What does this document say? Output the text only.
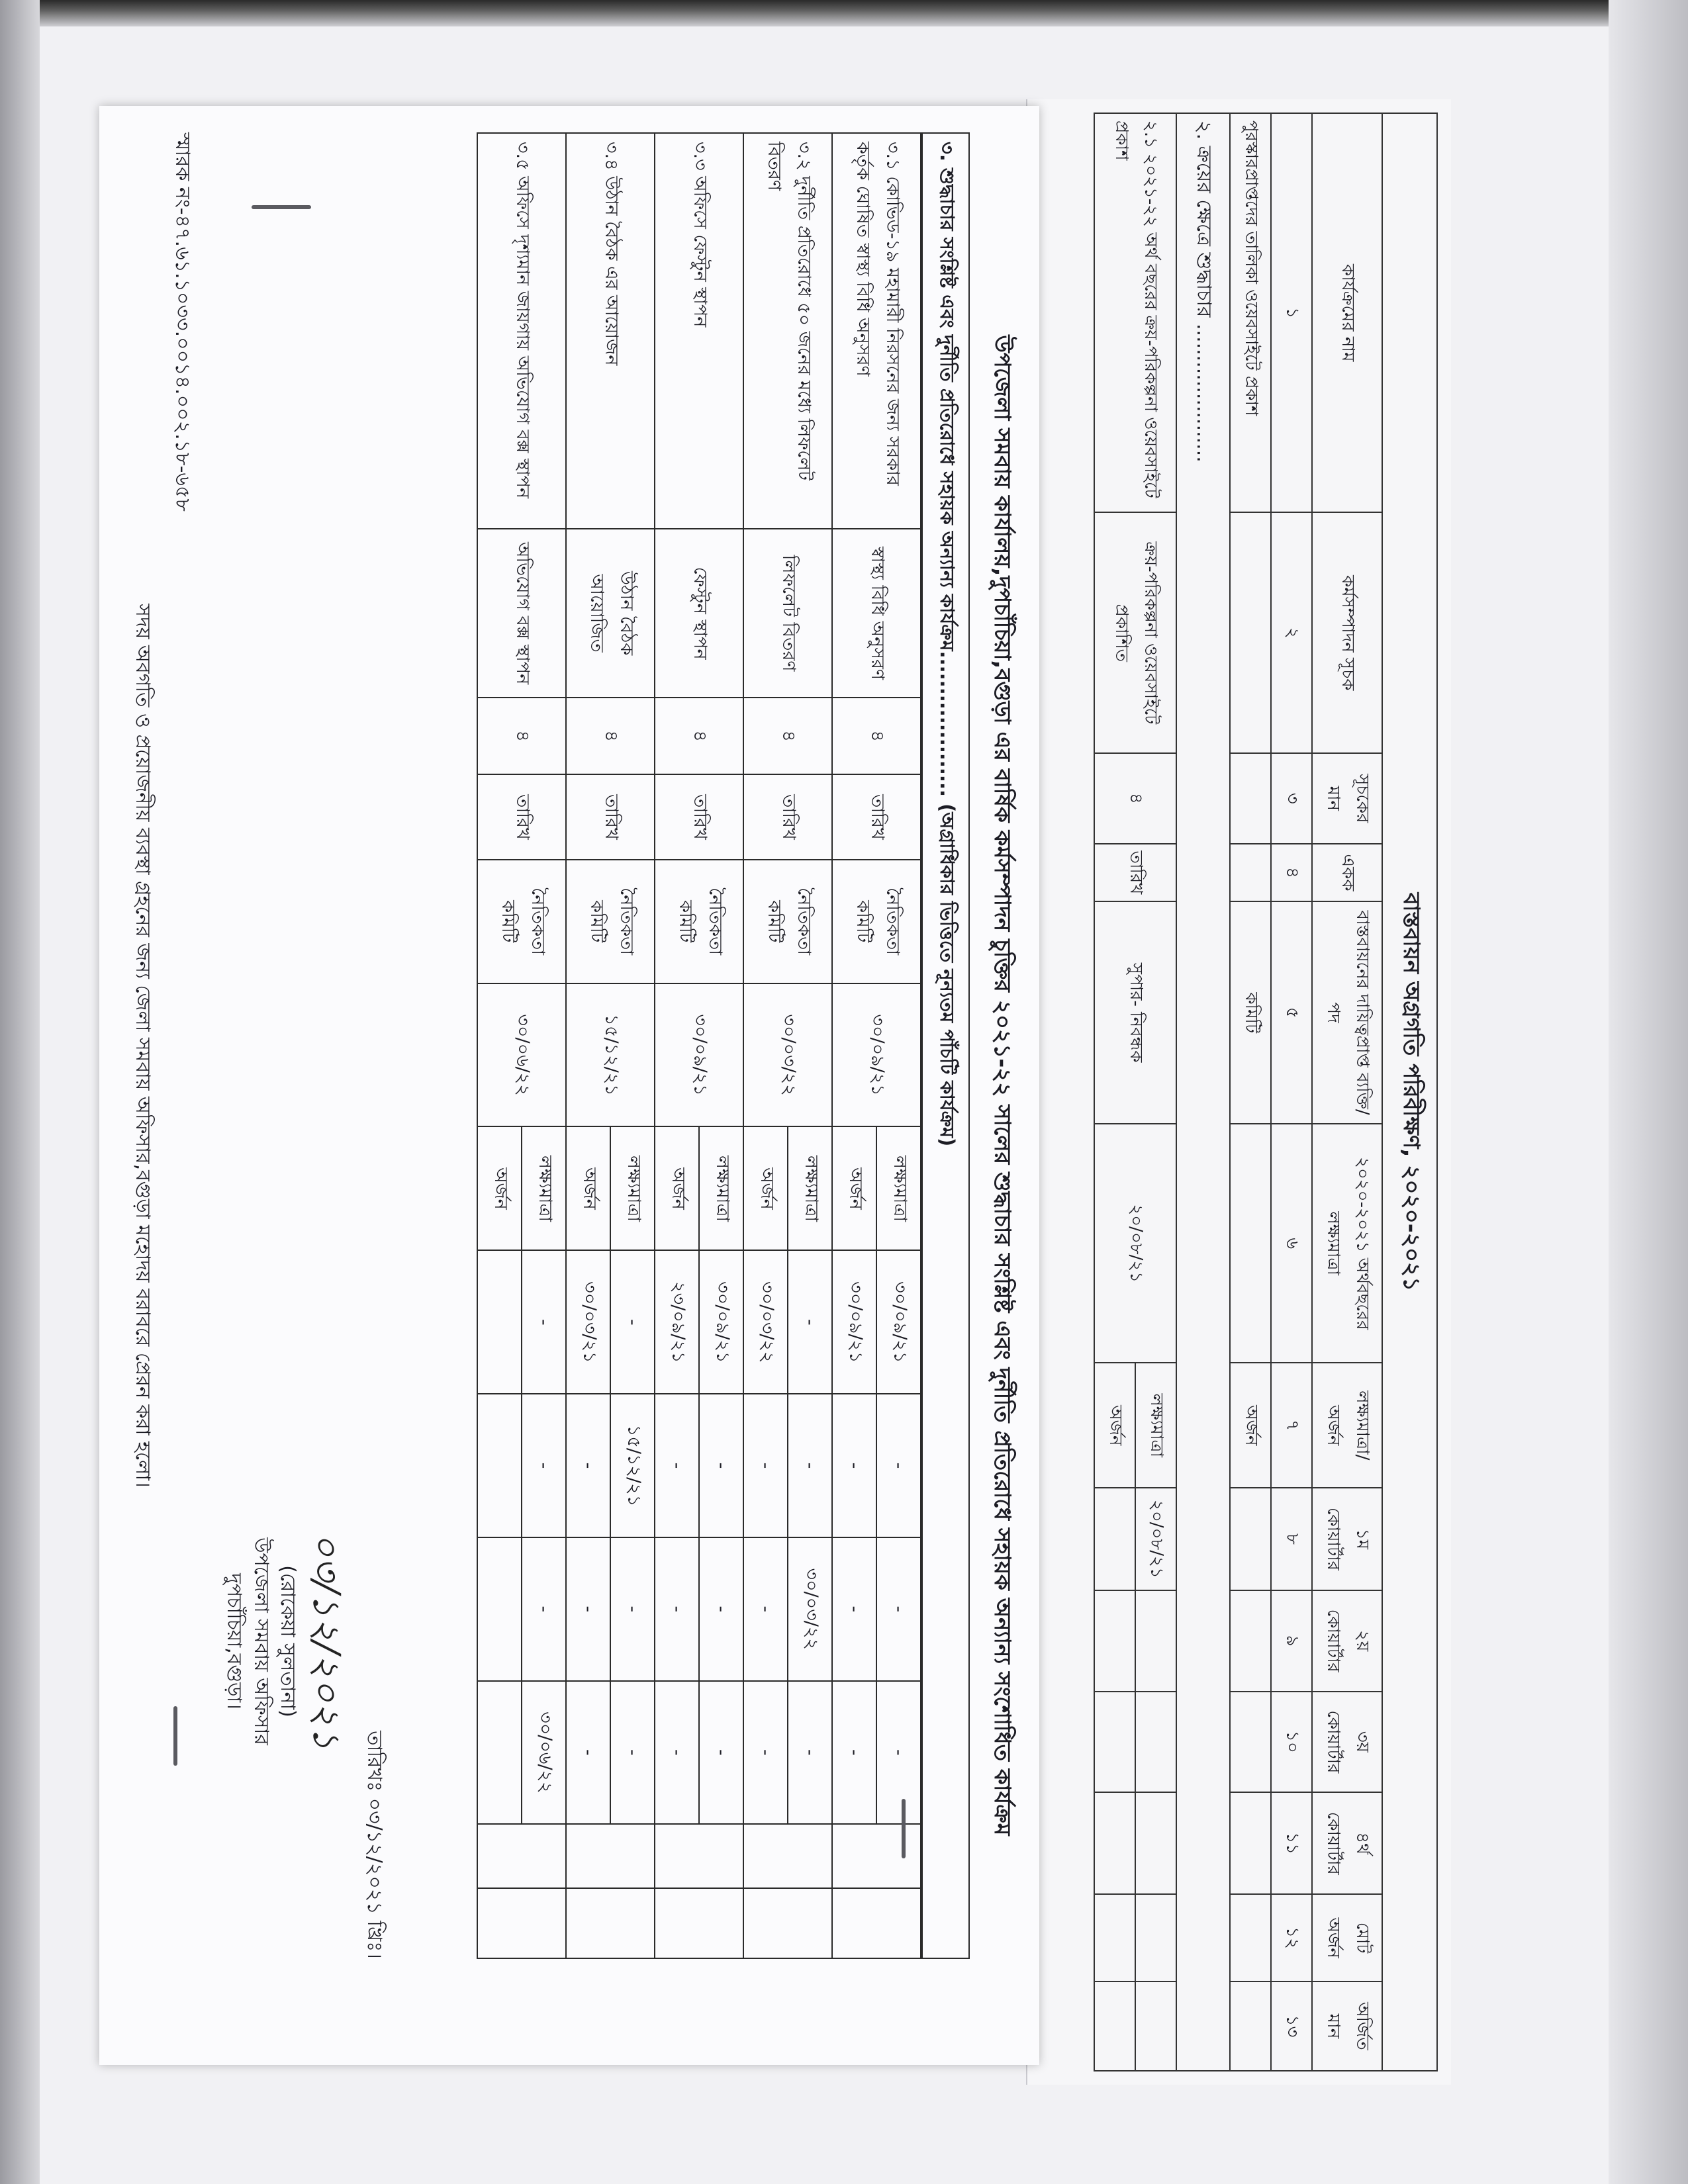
বাস্তবায়ন অগ্রগতি পরিবীক্ষণ, ২০২০-২০২১												
কার্যক্রমের নাম	কর্মসম্পাদন সূচক	সূচকের মান	একক	বাস্তবায়নের দায়িত্বপ্রাপ্ত ব্যক্তি/পদ	২০২০-২০২১ অর্থবছরের লক্ষ্যমাত্রা	লক্ষ্যমাত্রা/ অর্জন	১ম কোয়ার্টার	২য় কোয়ার্টার	৩য় কোয়ার্টার	৪র্থ কোয়ার্টার	মোট অর্জন	অর্জিত মান
১	২	৩	৪	৫	৬	৭	৮	৯	১০	১১	১২	১৩
পুরস্কারপ্রাপ্তদের তালিকা ওয়েবসাইটে প্রকাশ				কমিটি		অর্জন						
২. ক্রয়ের ক্ষেত্রে শুদ্ধাচার ......................												
২.১ ২০২১-২২ অর্থ বছরের ক্রয়-পরিকল্পনা ওয়েবসাইটে প্রকাশ	ক্রয়-পরিকল্পনা ওয়েবসাইটে প্রকাশিত	৪	তারিখ	সুপার- নিবন্ধক	২০/০৮/২১	লক্ষ্যমাত্রা	২০/০৮/২১					
						অর্জন						
উপজেলা সমবায় কার্যালয়,দুপচাঁচিয়া,বগুড়া এর বার্ষিক কর্মসম্পাদন চুক্তির ২০২১-২২ সালের শুদ্ধাচার সংশ্লিষ্ট এবং দুর্নীতি প্রতিরোধে সহায়ক অন্যান্য সংশোধিত কার্যক্রম
৩. শুদ্ধাচার সংশ্লিষ্ট এবং দুর্নীতি প্রতিরোধে সহায়ক অন্যান্য কার্যক্রম.................... (অগ্রাধিকার ভিত্তিতে নূন্যতম পাঁচটি কার্যক্রম)
৩.১ কোভিড-১৯ মহামারী নিরসনের জন্য সরকার কর্তৃক ঘোষিত স্বাস্থ্য বিধি অনুসরণ	স্বাস্থ্য বিধি অনুসরণ	৪	তারিখ	নৈতিকতা কমিটি	৩০/০৯/২১	লক্ষ্যমাত্রা	৩০/০৯/২১	-	-	-		
						অর্জন	৩০/০৯/২১	-	-	-		
৩.২ দুর্নীতি প্রতিরোধে ৫০ জনের মধ্যে লিফলেট বিতরণ	লিফলেট বিতরণ	৪	তারিখ	নৈতিকতা কমিটি	৩০/০৩/২২	লক্ষ্যমাত্রা	-	-	৩০/০৩/২২	-		
						অর্জন	৩০/০৩/২২	-	-	-		
৩.৩ অফিসে ফেস্টুন স্থাপন	ফেস্টুন স্থাপন	৪	তারিখ	নৈতিকতা কমিটি	৩০/০৯/২১	লক্ষ্যমাত্রা	৩০/০৯/২১	-	-	-		
						অর্জন	২৩/০৯/২১	-	-	-		
৩.৪ উঠান বৈঠক এর আয়োজন	উঠান বৈঠক আয়োজিত	৪	তারিখ	নৈতিকতা কমিটি	১৫/১২/২১	লক্ষ্যমাত্রা	-	১৫/১২/২১	-	-		
						অর্জন	৩০/০৩/২১	-	-	-		
৩.৫ অফিসে দৃশ্যমান জায়গায় অভিযোগ বক্স স্থাপন	অভিযোগ বক্স স্থাপন	৪	তারিখ	নৈতিকতা কমিটি	৩০/০৬/২২	লক্ষ্যমাত্রা	-	-	-	৩০/০৬/২২		
						অর্জন						
তারিখঃ ০৩/১২/২০২১ খ্রিঃ।
০৩/১২/২০২১
(রোকেয়া সুলতানা)
উপজেলা সমবায় অফিসার
দুপচাঁচিয়া,বগুড়া।
স্মারক নং-৪৭.৬১.১০৩৩.০০১৪.০০২.১৮-৬৫৮
সদয় অবগতি ও প্রয়োজনীয় ব্যবস্থা গ্রহনের জন্য জেলা সমবায় অফিসার,বগুড়া মহোদয় বরাবরে প্রেরন করা হলো।
